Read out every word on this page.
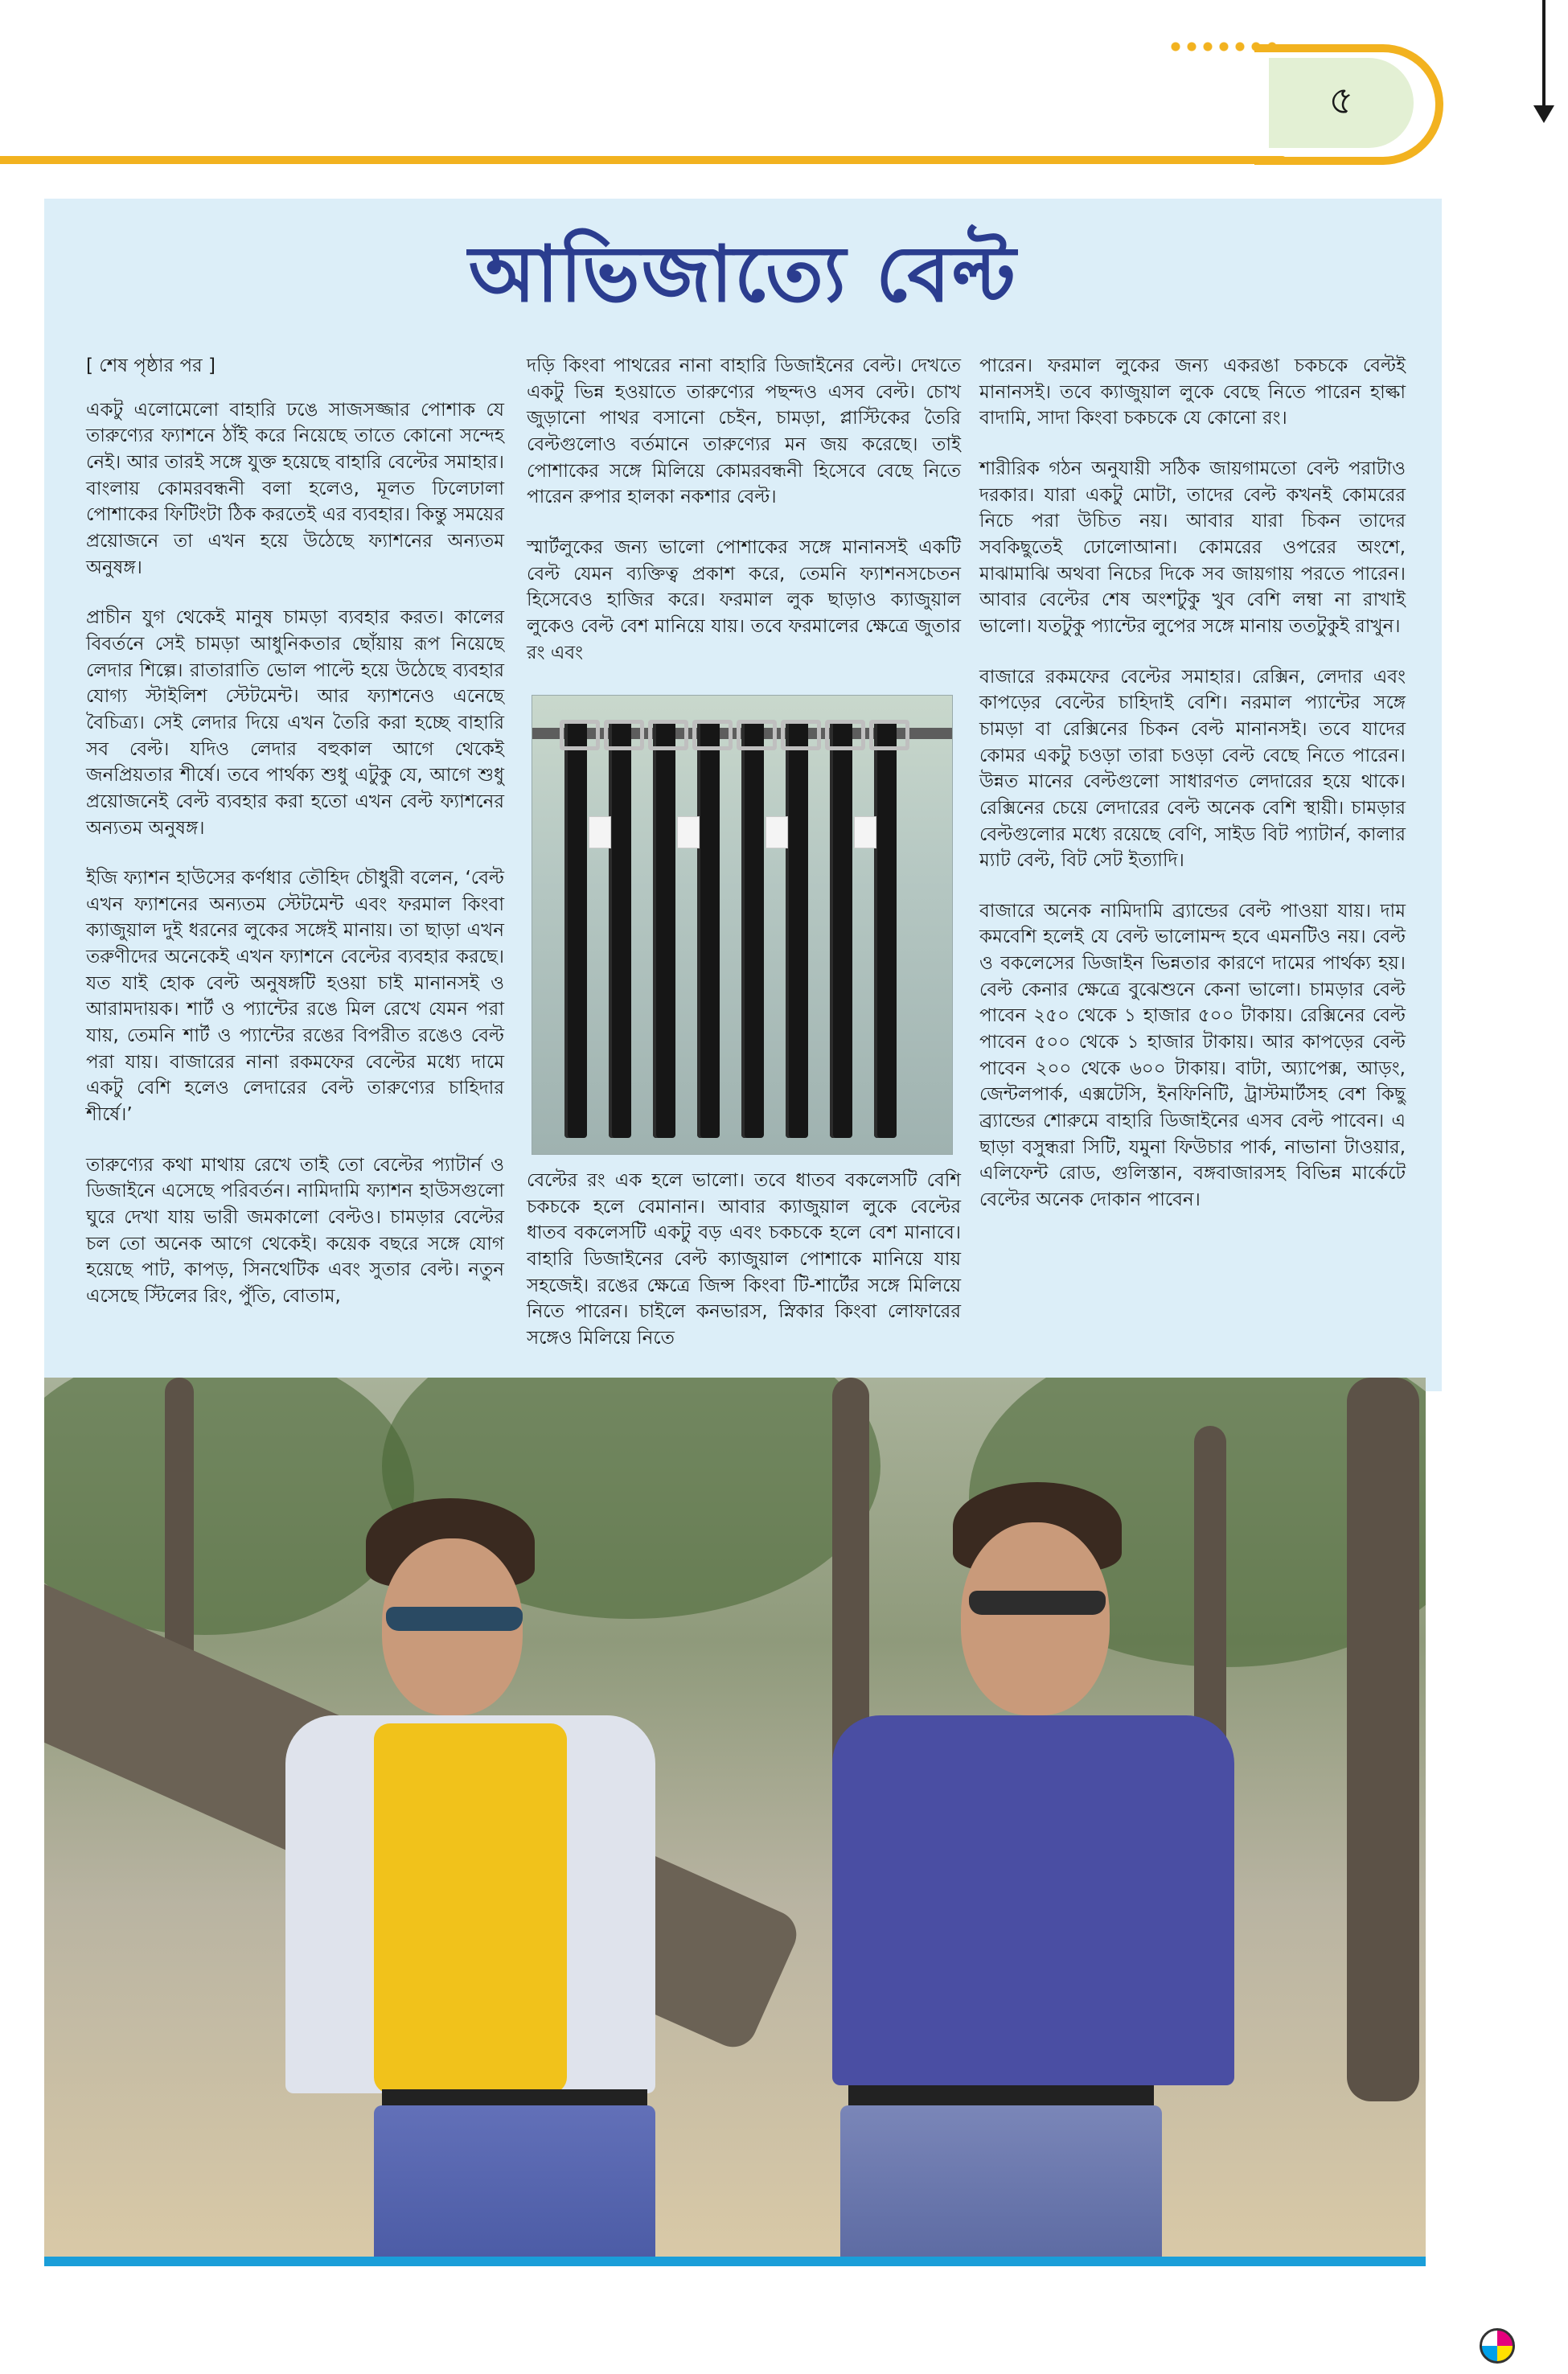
৫
আভিজাত্যে বেল্ট

[ শেষ পৃষ্ঠার পর ]

একটু এলোমেলো বাহারি ঢঙে সাজসজ্জার পোশাক যে তারুণ্যের ফ্যাশনে ঠাঁই করে নিয়েছে তাতে কোনো সন্দেহ নেই। আর তারই সঙ্গে যুক্ত হয়েছে বাহারি বেল্টের সমাহার। বাংলায় কোমরবন্ধনী বলা হলেও, মূলত ঢিলেঢালা পোশাকের ফিটিংটা ঠিক করতেই এর ব্যবহার। কিন্তু সময়ের প্রয়োজনে তা এখন হয়ে উঠেছে ফ্যাশনের অন্যতম অনুষঙ্গ।

প্রাচীন যুগ থেকেই মানুষ চামড়া ব্যবহার করত। কালের বিবর্তনে সেই চামড়া আধুনিকতার ছোঁয়ায় রূপ নিয়েছে লেদার শিল্পে। রাতারাতি ভোল পাল্টে হয়ে উঠেছে ব্যবহার যোগ্য স্টাইলিশ স্টেটমেন্ট। আর ফ্যাশনেও এনেছে বৈচিত্র্য। সেই লেদার দিয়ে এখন তৈরি করা হচ্ছে বাহারি সব বেল্ট। যদিও লেদার বহুকাল আগে থেকেই জনপ্রিয়তার শীর্ষে। তবে পার্থক্য শুধু এটুকু যে, আগে শুধু প্রয়োজনেই বেল্ট ব্যবহার করা হতো এখন বেল্ট ফ্যাশনের অন্যতম অনুষঙ্গ।

ইজি ফ্যাশন হাউসের কর্ণধার তৌহিদ চৌধুরী বলেন, ‘বেল্ট এখন ফ্যাশনের অন্যতম স্টেটমেন্ট এবং ফরমাল কিংবা ক্যাজুয়াল দুই ধরনের লুকের সঙ্গেই মানায়। তা ছাড়া এখন তরুণীদের অনেকেই এখন ফ্যাশনে বেল্টের ব্যবহার করছে। যত যাই হোক বেল্ট অনুষঙ্গটি হওয়া চাই মানানসই ও আরামদায়ক। শার্ট ও প্যান্টের রঙে মিল রেখে যেমন পরা যায়, তেমনি শার্ট ও প্যান্টের রঙের বিপরীত রঙেও বেল্ট পরা যায়। বাজারের নানা রকমফের বেল্টের মধ্যে দামে একটু বেশি হলেও লেদারের বেল্ট তারুণ্যের চাহিদার শীর্ষে।’

তারুণ্যের কথা মাথায় রেখে তাই তো বেল্টের প্যাটার্ন ও ডিজাইনে এসেছে পরিবর্তন। নামিদামি ফ্যাশন হাউসগুলো ঘুরে দেখা যায় ভারী জমকালো বেল্টও। চামড়ার বেল্টের চল তো অনেক আগে থেকেই। কয়েক বছরে সঙ্গে যোগ হয়েছে পাট, কাপড়, সিনথেটিক এবং সুতার বেল্ট। নতুন এসেছে স্টিলের রিং, পুঁতি, বোতাম,

দড়ি কিংবা পাথরের নানা বাহারি ডিজাইনের বেল্ট। দেখতে একটু ভিন্ন হওয়াতে তারুণ্যের পছন্দও এসব বেল্ট। চোখ জুড়ানো পাথর বসানো চেইন, চামড়া, প্লাস্টিকের তৈরি বেল্টগুলোও বর্তমানে তারুণ্যের মন জয় করেছে। তাই পোশাকের সঙ্গে মিলিয়ে কোমরবন্ধনী হিসেবে বেছে নিতে পারেন রুপার হালকা নকশার বেল্ট।

স্মার্টলুকের জন্য ভালো পোশাকের সঙ্গে মানানসই একটি বেল্ট যেমন ব্যক্তিত্ব প্রকাশ করে, তেমনি ফ্যাশনসচেতন হিসেবেও হাজির করে। ফরমাল লুক ছাড়াও ক্যাজুয়াল লুকেও বেল্ট বেশ মানিয়ে যায়। তবে ফরমালের ক্ষেত্রে জুতার রং এবং

বেল্টের রং এক হলে ভালো। তবে ধাতব বকলেসটি বেশি চকচকে হলে বেমানান। আবার ক্যাজুয়াল লুকে বেল্টের ধাতব বকলেসটি একটু বড় এবং চকচকে হলে বেশ মানাবে। বাহারি ডিজাইনের বেল্ট ক্যাজুয়াল পোশাকে মানিয়ে যায় সহজেই। রঙের ক্ষেত্রে জিন্স কিংবা টি-শার্টের সঙ্গে মিলিয়ে নিতে পারেন। চাইলে কনভারস, স্নিকার কিংবা লোফারের সঙ্গেও মিলিয়ে নিতে

পারেন। ফরমাল লুকের জন্য একরঙা চকচকে বেল্টই মানানসই। তবে ক্যাজুয়াল লুকে বেছে নিতে পারেন হাল্কা বাদামি, সাদা কিংবা চকচকে যে কোনো রং।

শারীরিক গঠন অনুযায়ী সঠিক জায়গামতো বেল্ট পরাটাও দরকার। যারা একটু মোটা, তাদের বেল্ট কখনই কোমরের নিচে পরা উচিত নয়। আবার যারা চিকন তাদের সবকিছুতেই ঢোলোআনা। কোমরের ওপরের অংশে, মাঝামাঝি অথবা নিচের দিকে সব জায়গায় পরতে পারেন। আবার বেল্টের শেষ অংশটুকু খুব বেশি লম্বা না রাখাই ভালো। যতটুকু প্যান্টের লুপের সঙ্গে মানায় ততটুকুই রাখুন।

বাজারে রকমফের বেল্টের সমাহার। রেক্সিন, লেদার এবং কাপড়ের বেল্টের চাহিদাই বেশি। নরমাল প্যান্টের সঙ্গে চামড়া বা রেক্সিনের চিকন বেল্ট মানানসই। তবে যাদের কোমর একটু চওড়া তারা চওড়া বেল্ট বেছে নিতে পারেন। উন্নত মানের বেল্টগুলো সাধারণত লেদারের হয়ে থাকে। রেক্সিনের চেয়ে লেদারের বেল্ট অনেক বেশি স্থায়ী। চামড়ার বেল্টগুলোর মধ্যে রয়েছে বেণি, সাইড বিট প্যাটার্ন, কালার ম্যাট বেল্ট, বিট সেট ইত্যাদি।

বাজারে অনেক নামিদামি ব্র্যান্ডের বেল্ট পাওয়া যায়। দাম কমবেশি হলেই যে বেল্ট ভালোমন্দ হবে এমনটিও নয়। বেল্ট ও বকলেসের ডিজাইন ভিন্নতার কারণে দামের পার্থক্য হয়। বেল্ট কেনার ক্ষেত্রে বুঝেশুনে কেনা ভালো। চামড়ার বেল্ট পাবেন ২৫০ থেকে ১ হাজার ৫০০ টাকায়। রেক্সিনের বেল্ট পাবেন ৫০০ থেকে ১ হাজার টাকায়। আর কাপড়ের বেল্ট পাবেন ২০০ থেকে ৬০০ টাকায়। বাটা, অ্যাপেক্স, আড়ং, জেন্টলপার্ক, এক্সটেসি, ইনফিনিটি, ট্রাস্টমার্টসহ বেশ কিছু ব্র্যান্ডের শোরুমে বাহারি ডিজাইনের এসব বেল্ট পাবেন। এ ছাড়া বসুন্ধরা সিটি, যমুনা ফিউচার পার্ক, নাভানা টাওয়ার, এলিফেন্ট রোড, গুলিস্তান, বঙ্গবাজারসহ বিভিন্ন মার্কেটে বেল্টের অনেক দোকান পাবেন।
